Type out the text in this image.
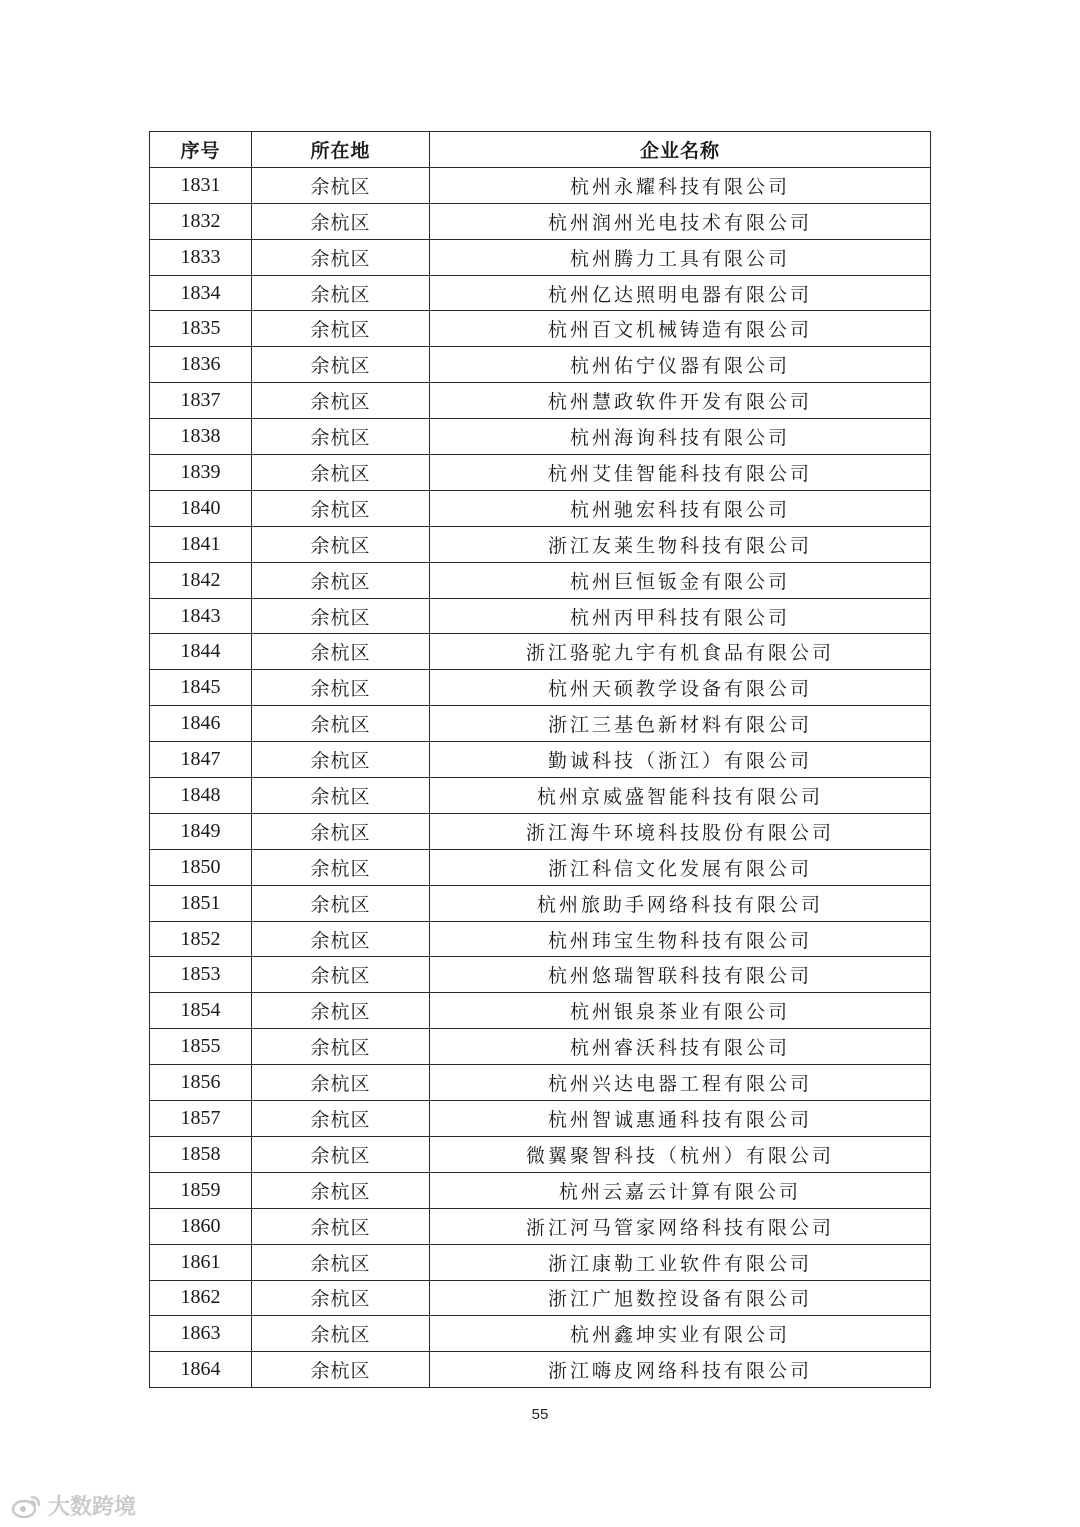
序号	所在地	企业名称
1831	余杭区	杭州永耀科技有限公司
1832	余杭区	杭州润州光电技术有限公司
1833	余杭区	杭州腾力工具有限公司
1834	余杭区	杭州亿达照明电器有限公司
1835	余杭区	杭州百文机械铸造有限公司
1836	余杭区	杭州佑宁仪器有限公司
1837	余杭区	杭州慧政软件开发有限公司
1838	余杭区	杭州海询科技有限公司
1839	余杭区	杭州艾佳智能科技有限公司
1840	余杭区	杭州驰宏科技有限公司
1841	余杭区	浙江友莱生物科技有限公司
1842	余杭区	杭州巨恒钣金有限公司
1843	余杭区	杭州丙甲科技有限公司
1844	余杭区	浙江骆驼九宇有机食品有限公司
1845	余杭区	杭州天硕教学设备有限公司
1846	余杭区	浙江三基色新材料有限公司
1847	余杭区	勤诚科技（浙江）有限公司
1848	余杭区	杭州京威盛智能科技有限公司
1849	余杭区	浙江海牛环境科技股份有限公司
1850	余杭区	浙江科信文化发展有限公司
1851	余杭区	杭州旅助手网络科技有限公司
1852	余杭区	杭州玮宝生物科技有限公司
1853	余杭区	杭州悠瑞智联科技有限公司
1854	余杭区	杭州银泉茶业有限公司
1855	余杭区	杭州睿沃科技有限公司
1856	余杭区	杭州兴达电器工程有限公司
1857	余杭区	杭州智诚惠通科技有限公司
1858	余杭区	微翼聚智科技（杭州）有限公司
1859	余杭区	杭州云嘉云计算有限公司
1860	余杭区	浙江河马管家网络科技有限公司
1861	余杭区	浙江康勒工业软件有限公司
1862	余杭区	浙江广旭数控设备有限公司
1863	余杭区	杭州鑫坤实业有限公司
1864	余杭区	浙江嗨皮网络科技有限公司
55
大数跨境
